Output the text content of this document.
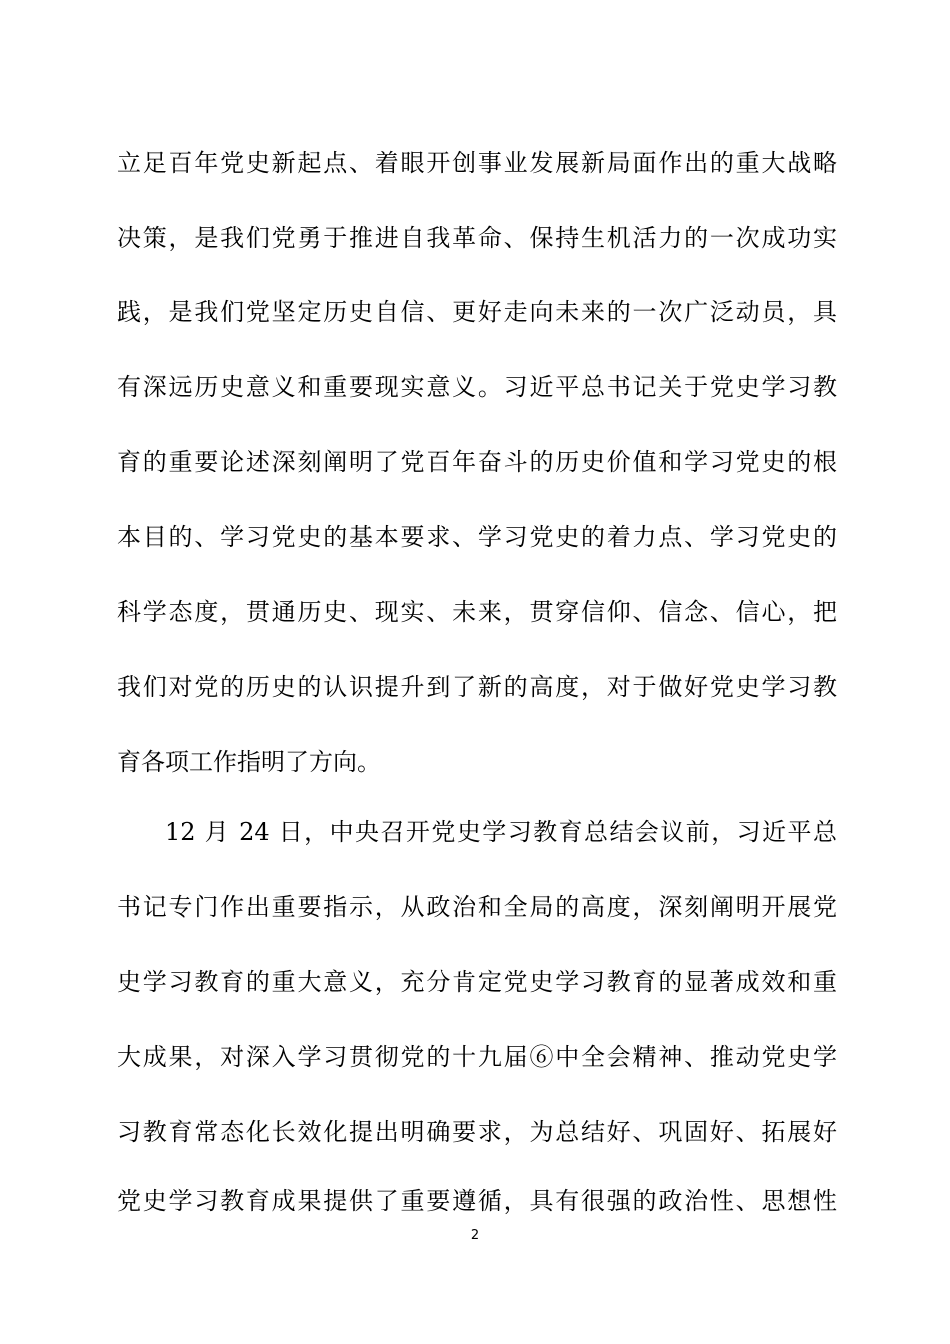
立足百年党史新起点、着眼开创事业发展新局面作出的重大战略
决策，是我们党勇于推进自我革命、保持生机活力的一次成功实
践，是我们党坚定历史自信、更好走向未来的一次广泛动员，具
有深远历史意义和重要现实意义。习近平总书记关于党史学习教
育的重要论述深刻阐明了党百年奋斗的历史价值和学习党史的根
本目的、学习党史的基本要求、学习党史的着力点、学习党史的
科学态度，贯通历史、现实、未来，贯穿信仰、信念、信心，把
我们对党的历史的认识提升到了新的高度，对于做好党史学习教
育各项工作指明了方向。
12 月 24 日，中央召开党史学习教育总结会议前，习近平总
书记专门作出重要指示，从政治和全局的高度，深刻阐明开展党
史学习教育的重大意义，充分肯定党史学习教育的显著成效和重
大成果，对深入学习贯彻党的十九届⑥中全会精神、推动党史学
习教育常态化长效化提出明确要求，为总结好、巩固好、拓展好
党史学习教育成果提供了重要遵循，具有很强的政治性、思想性
2
